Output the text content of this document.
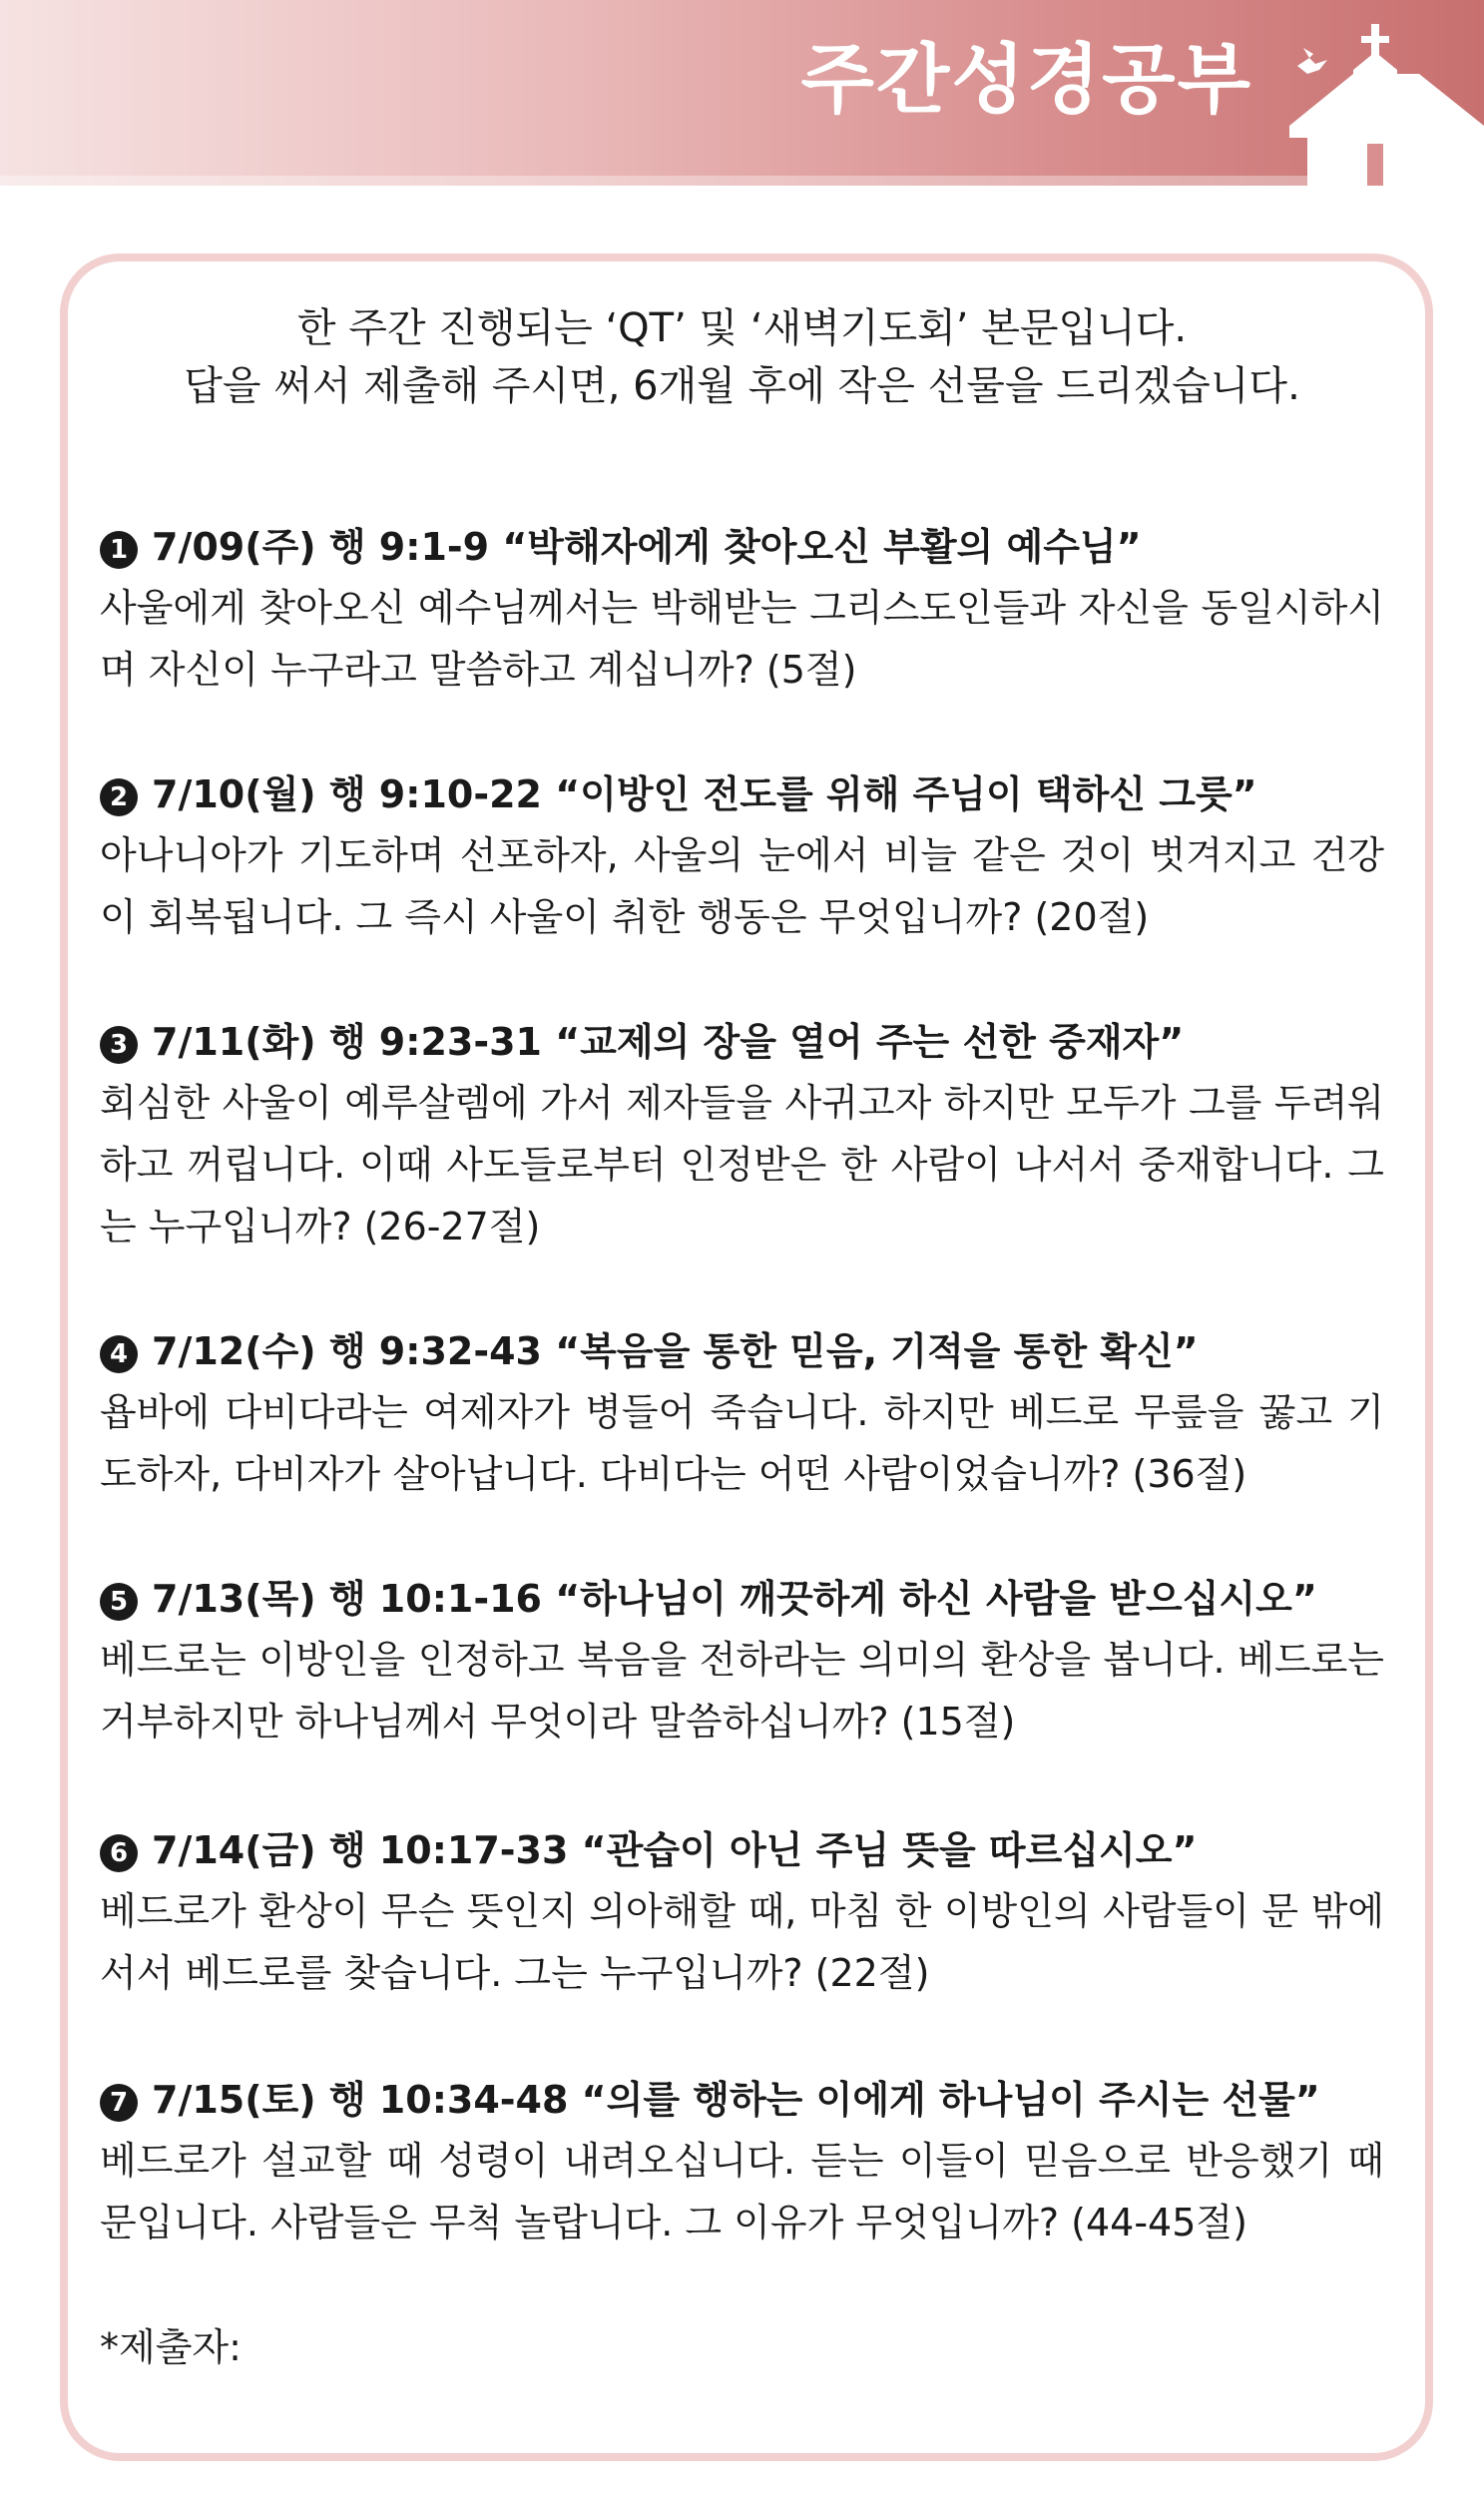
주간성경공부

한 주간 진행되는 ‘QT’ 및 ‘새벽기도회’ 본문입니다.

답을 써서 제출해 주시면, 6개월 후에 작은 선물을 드리겠습니다.

1 7/09(주) 행 9:1-9 “박해자에게 찾아오신 부활의 예수님”
사울에게 찾아오신 예수님께서는 박해받는 그리스도인들과 자신을 동일시하시며 자신이 누구라고 말씀하고 계십니까? (5절)
2 7/10(월) 행 9:10-22 “이방인 전도를 위해 주님이 택하신 그릇”
아나니아가 기도하며 선포하자, 사울의 눈에서 비늘 같은 것이 벗겨지고 건강이 회복됩니다. 그 즉시 사울이 취한 행동은 무엇입니까? (20절)
3 7/11(화) 행 9:23-31 “교제의 장을 열어 주는 선한 중재자”
회심한 사울이 예루살렘에 가서 제자들을 사귀고자 하지만 모두가 그를 두려워하고 꺼립니다. 이때 사도들로부터 인정받은 한 사람이 나서서 중재합니다. 그는 누구입니까? (26-27절)
4 7/12(수) 행 9:32-43 “복음을 통한 믿음, 기적을 통한 확신”
욥바에 다비다라는 여제자가 병들어 죽습니다. 하지만 베드로 무릎을 꿇고 기도하자, 다비자가 살아납니다. 다비다는 어떤 사람이었습니까? (36절)
5 7/13(목) 행 10:1-16 “하나님이 깨끗하게 하신 사람을 받으십시오”
베드로는 이방인을 인정하고 복음을 전하라는 의미의 환상을 봅니다. 베드로는 거부하지만 하나님께서 무엇이라 말씀하십니까? (15절)
6 7/14(금) 행 10:17-33 “관습이 아닌 주님 뜻을 따르십시오”
베드로가 환상이 무슨 뜻인지 의아해할 때, 마침 한 이방인의 사람들이 문 밖에서서 베드로를 찾습니다. 그는 누구입니까? (22절)
7 7/15(토) 행 10:34-48 “의를 행하는 이에게 하나님이 주시는 선물”
베드로가 설교할 때 성령이 내려오십니다. 듣는 이들이 믿음으로 반응했기 때문입니다. 사람들은 무척 놀랍니다. 그 이유가 무엇입니까? (44-45절)
*제출자:
